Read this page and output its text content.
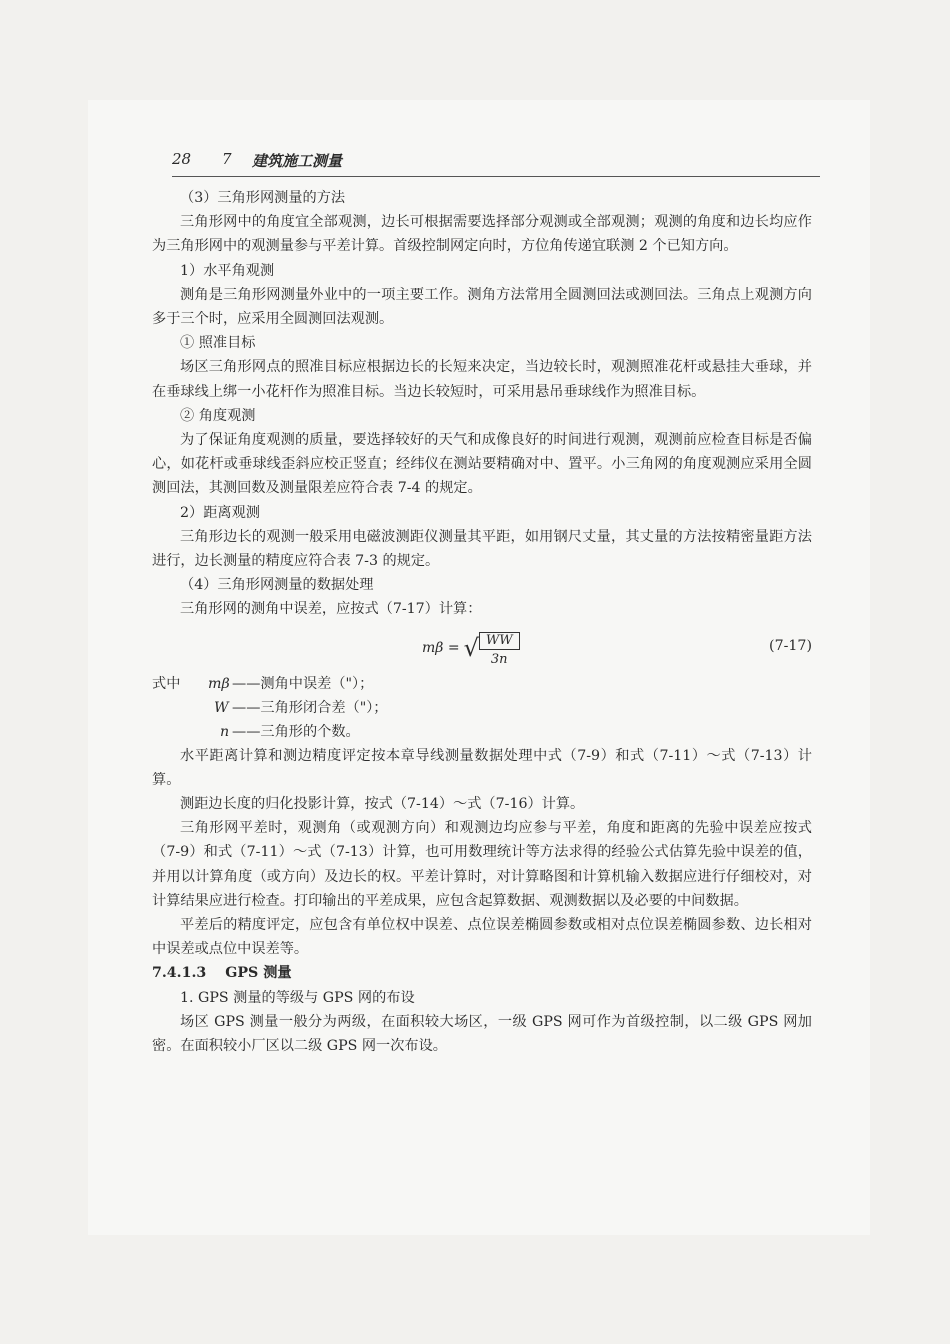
28 7 建筑施工测量

（3）三角形网测量的方法

三角形网中的角度宜全部观测，边长可根据需要选择部分观测或全部观测；观测的角度和边长均应作为三角形网中的观测量参与平差计算。首级控制网定向时，方位角传递宜联测 2 个已知方向。

1）水平角观测

测角是三角形网测量外业中的一项主要工作。测角方法常用全圆测回法或测回法。三角点上观测方向多于三个时，应采用全圆测回法观测。

① 照准目标

场区三角形网点的照准目标应根据边长的长短来决定，当边较长时，观测照准花杆或悬挂大垂球，并在垂球线上绑一小花杆作为照准目标。当边长较短时，可采用悬吊垂球线作为照准目标。

② 角度观测

为了保证角度观测的质量，要选择较好的天气和成像良好的时间进行观测，观测前应检查目标是否偏心，如花杆或垂球线歪斜应校正竖直；经纬仪在测站要精确对中、置平。小三角网的角度观测应采用全圆测回法，其测回数及测量限差应符合表 7-4 的规定。

2）距离观测

三角形边长的观测一般采用电磁波测距仪测量其平距，如用钢尺丈量，其丈量的方法按精密量距方法进行，边长测量的精度应符合表 7-3 的规定。

（4）三角形网测量的数据处理

三角形网的测角中误差，应按式（7-17）计算：

mβ = √ $\frac{WW}{3n}$	(7-17)
式中 mβ ——测角中误差（"）；
W ——三角形闭合差（"）；
n ——三角形的个数。

水平距离计算和测边精度评定按本章导线测量数据处理中式（7-9）和式（7-11）～式（7-13）计算。

测距边长度的归化投影计算，按式（7-14）～式（7-16）计算。

三角形网平差时，观测角（或观测方向）和观测边均应参与平差，角度和距离的先验中误差应按式（7-9）和式（7-11）～式（7-13）计算，也可用数理统计等方法求得的经验公式估算先验中误差的值，并用以计算角度（或方向）及边长的权。平差计算时，对计算略图和计算机输入数据应进行仔细校对，对计算结果应进行检查。打印输出的平差成果，应包含起算数据、观测数据以及必要的中间数据。

平差后的精度评定，应包含有单位权中误差、点位误差椭圆参数或相对点位误差椭圆参数、边长相对中误差或点位中误差等。

7.4.1.3 GPS 测量

1. GPS 测量的等级与 GPS 网的布设

场区 GPS 测量一般分为两级，在面积较大场区，一级 GPS 网可作为首级控制，以二级 GPS 网加密。在面积较小厂区以二级 GPS 网一次布设。
